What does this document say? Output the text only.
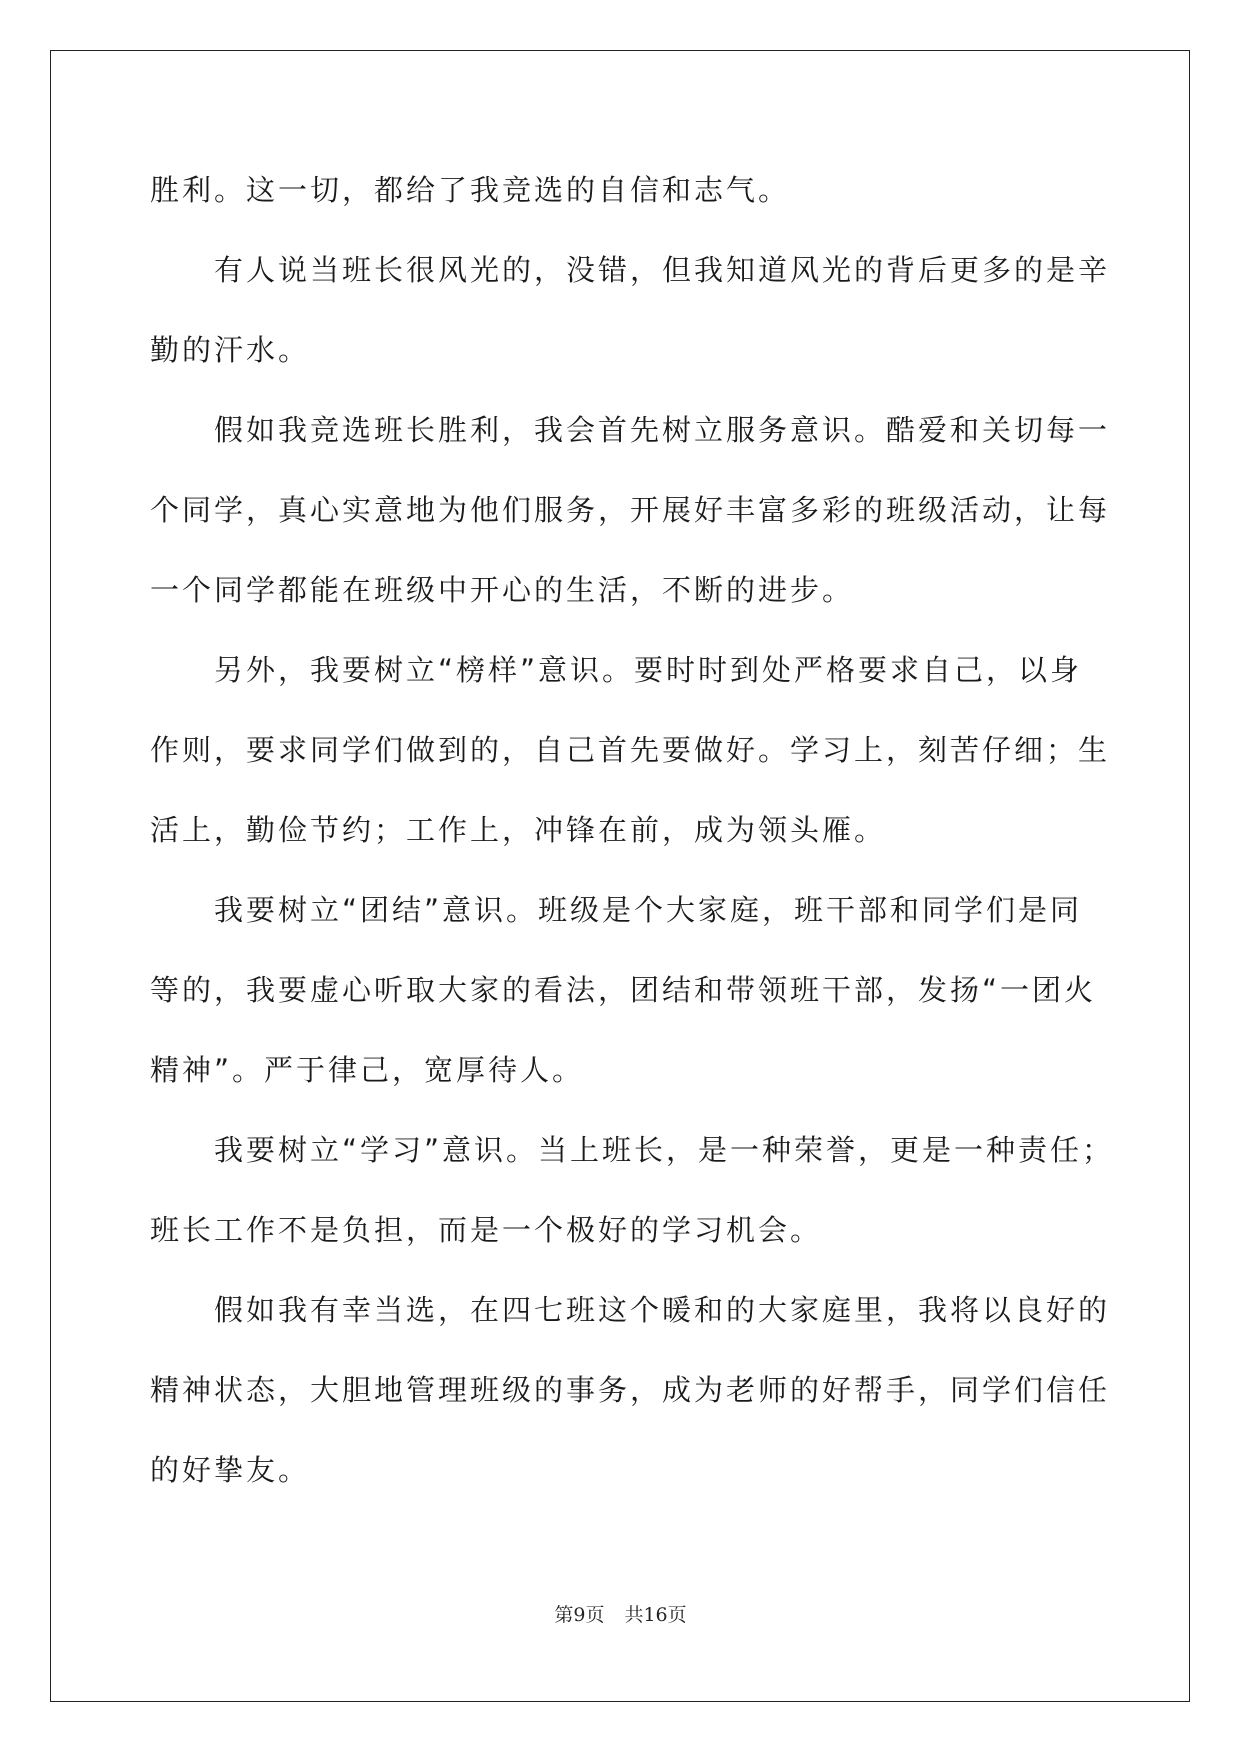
胜利。这一切，都给了我竞选的自信和志气。
有人说当班长很风光的，没错，但我知道风光的背后更多的是辛
勤的汗水。
假如我竞选班长胜利，我会首先树立服务意识。酷爱和关切每一
个同学，真心实意地为他们服务，开展好丰富多彩的班级活动，让每
一个同学都能在班级中开心的生活，不断的进步。
另外，我要树立“榜样”意识。要时时到处严格要求自己，以身
作则，要求同学们做到的，自己首先要做好。学习上，刻苦仔细；生
活上，勤俭节约；工作上，冲锋在前，成为领头雁。
我要树立“团结”意识。班级是个大家庭，班干部和同学们是同
等的，我要虚心听取大家的看法，团结和带领班干部，发扬“一团火
精神”。严于律己，宽厚待人。
我要树立“学习”意识。当上班长，是一种荣誉，更是一种责任；
班长工作不是负担，而是一个极好的学习机会。
假如我有幸当选，在四七班这个暖和的大家庭里，我将以良好的
精神状态，大胆地管理班级的事务，成为老师的好帮手，同学们信任
的好挚友。
第9页 共16页
